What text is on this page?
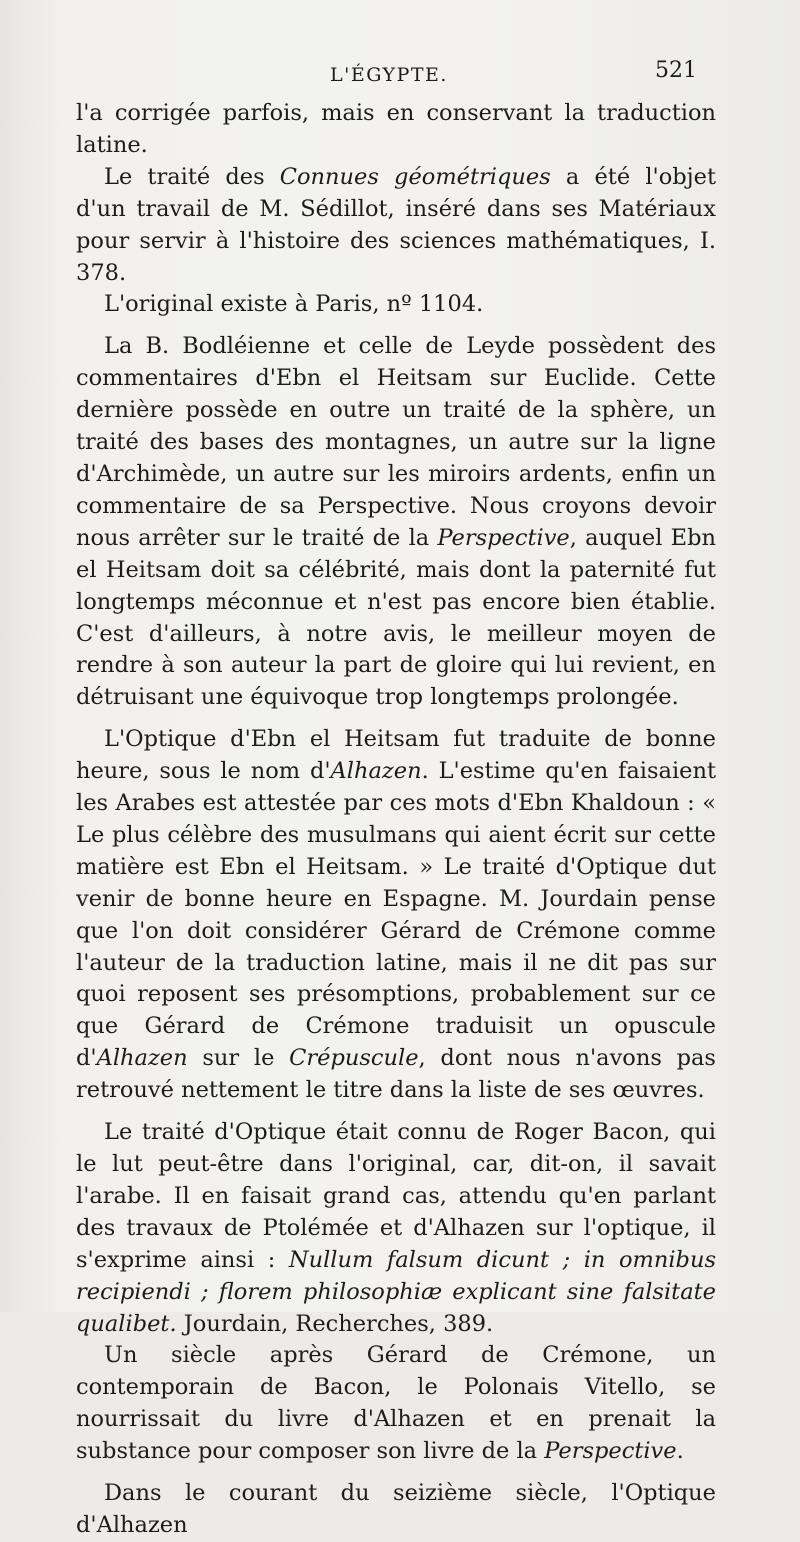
L'ÉGYPTE.	521

l'a corrigée parfois, mais en conservant la traduction latine.

Le traité des Connues géométriques a été l'objet d'un travail de M. Sédillot, inséré dans ses Matériaux pour servir à l'histoire des sciences mathématiques, I. 378.

L'original existe à Paris, nº 1104.

La B. Bodléienne et celle de Leyde possèdent des commentaires d'Ebn el Heitsam sur Euclide. Cette dernière possède en outre un traité de la sphère, un traité des bases des montagnes, un autre sur la ligne d'Archimède, un autre sur les miroirs ardents, enfin un commentaire de sa Perspective. Nous croyons devoir nous arrêter sur le traité de la Perspective, auquel Ebn el Heitsam doit sa célébrité, mais dont la paternité fut longtemps méconnue et n'est pas encore bien établie. C'est d'ailleurs, à notre avis, le meilleur moyen de rendre à son auteur la part de gloire qui lui revient, en détruisant une équivoque trop longtemps prolongée.

L'Optique d'Ebn el Heitsam fut traduite de bonne heure, sous le nom d'Alhazen. L'estime qu'en faisaient les Arabes est attestée par ces mots d'Ebn Khaldoun : « Le plus célèbre des musulmans qui aient écrit sur cette matière est Ebn el Heitsam. » Le traité d'Optique dut venir de bonne heure en Espagne. M. Jourdain pense que l'on doit considérer Gérard de Crémone comme l'auteur de la traduction latine, mais il ne dit pas sur quoi reposent ses présomptions, probablement sur ce que Gérard de Crémone traduisit un opuscule d'Alhazen sur le Crépuscule, dont nous n'avons pas retrouvé nettement le titre dans la liste de ses œuvres.

Le traité d'Optique était connu de Roger Bacon, qui le lut peut-être dans l'original, car, dit-on, il savait l'arabe. Il en faisait grand cas, attendu qu'en parlant des travaux de Ptolémée et d'Alhazen sur l'optique, il s'exprime ainsi : Nullum falsum dicunt ; in omnibus recipiendi ; florem philosophiæ explicant sine falsitate qualibet. Jourdain, Recherches, 389.

Un siècle après Gérard de Crémone, un contemporain de Bacon, le Polonais Vitello, se nourrissait du livre d'Alhazen et en prenait la substance pour composer son livre de la Perspective.

Dans le courant du seizième siècle, l'Optique d'Alhazen
